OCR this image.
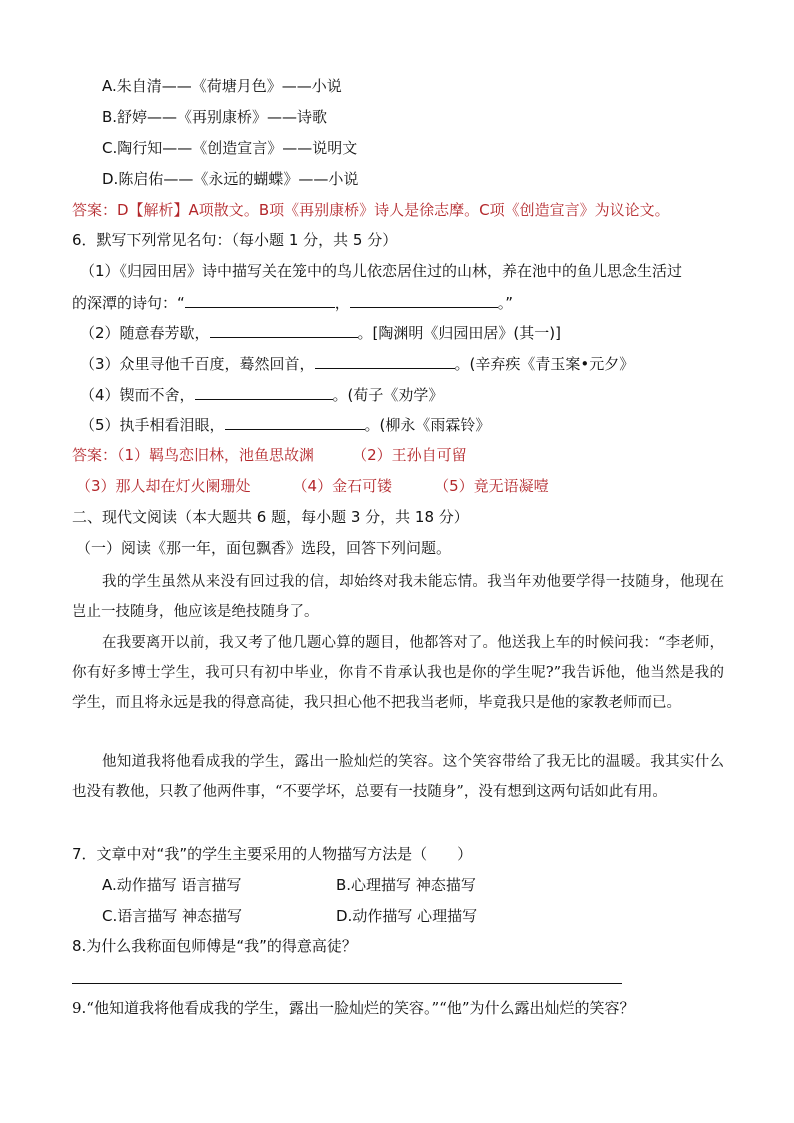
A.朱自清——《荷塘月色》——小说
B.舒婷——《再别康桥》——诗歌
C.陶行知——《创造宣言》——说明文
D.陈启佑——《永远的蝴蝶》——小说
答案：D【解析】A项散文。B项《再别康桥》诗人是徐志摩。C项《创造宣言》为议论文。
6．默写下列常见名句：（每小题 1 分，共 5 分）
（1）《归园田居》诗中描写关在笼中的鸟儿依恋居住过的山林，养在池中的鱼儿思念生活过
的深潭的诗句：“	，	。”
（2）随意春芳歇，	。[陶渊明《归园田居》(其一)]
（3）众里寻他千百度，蓦然回首，	。(辛弃疾《青玉案•元夕》
（4）锲而不舍，	。(荀子《劝学》
（5）执手相看泪眼，	。(柳永《雨霖铃》
答案：（1）羁鸟恋旧林，池鱼思故渊	（2）王孙自可留
（3）那人却在灯火阑珊处	（4）金石可镂	（5）竟无语凝噎
二、现代文阅读（本大题共 6 题，每小题 3 分，共 18 分）
（一）阅读《那一年，面包飘香》选段，回答下列问题。
我的学生虽然从来没有回过我的信，却始终对我未能忘情。我当年劝他要学得一技随身，他现在岂止一技随身，他应该是绝技随身了。
在我要离开以前，我又考了他几题心算的题目，他都答对了。他送我上车的时候问我：“李老师，你有好多博士学生，我可只有初中毕业，你肯不肯承认我也是你的学生呢?”我告诉他，他当然是我的学生，而且将永远是我的得意高徒，我只担心他不把我当老师，毕竟我只是他的家教老师而已。
他知道我将他看成我的学生，露出一脸灿烂的笑容。这个笑容带给了我无比的温暖。我其实什么也没有教他，只教了他两件事，“不要学坏，总要有一技随身”，没有想到这两句话如此有用。
7．文章中对“我”的学生主要采用的人物描写方法是（　　）
A.动作描写 语言描写	B.心理描写 神态描写
C.语言描写 神态描写	D.动作描写 心理描写
8.为什么我称面包师傅是“我”的得意高徒？
9.“他知道我将他看成我的学生，露出一脸灿烂的笑容。”“他”为什么露出灿烂的笑容？
